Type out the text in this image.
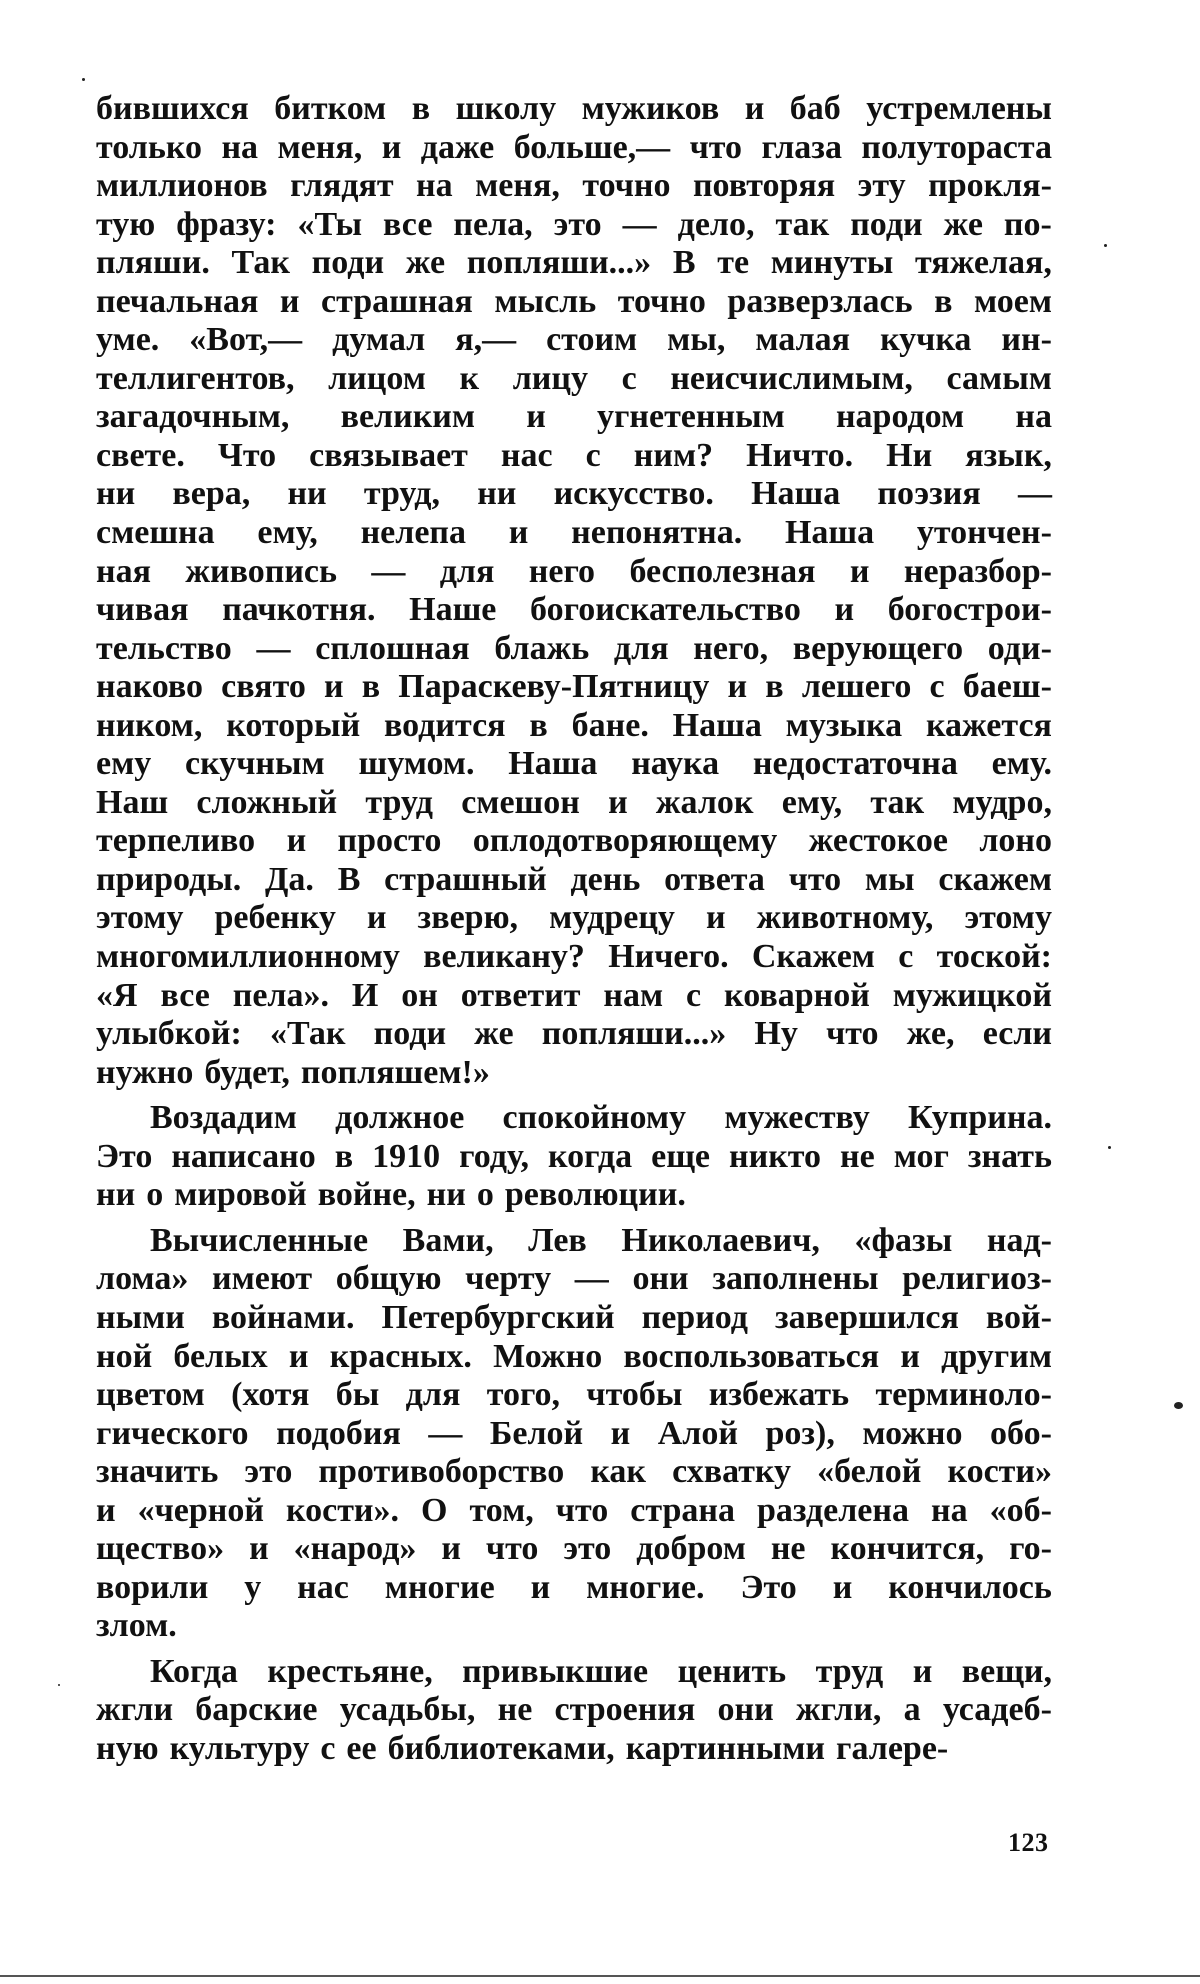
бившихся битком в школу мужиков и баб устремлены
только на меня, и даже больше,— что глаза полутораста
миллионов глядят на меня, точно повторяя эту прокля-
тую фразу: «Ты все пела, это — дело, так поди же по-
пляши. Так поди же попляши...» В те минуты тяжелая,
печальная и страшная мысль точно разверзлась в моем
уме. «Вот,— думал я,— стоим мы, малая кучка ин-
теллигентов, лицом к лицу с неисчислимым, самым
загадочным, великим и угнетенным народом на
свете. Что связывает нас с ним? Ничто. Ни язык,
ни вера, ни труд, ни искусство. Наша поэзия —
смешна ему, нелепа и непонятна. Наша утончен-
ная живопись — для него бесполезная и неразбор-
чивая пачкотня. Наше богоискательство и богострои-
тельство — сплошная блажь для него, верующего оди-
наково свято и в Параскеву-Пятницу и в лешего с баеш-
ником, который водится в бане. Наша музыка кажется
ему скучным шумом. Наша наука недостаточна ему.
Наш сложный труд смешон и жалок ему, так мудро,
терпеливо и просто оплодотворяющему жестокое лоно
природы. Да. В страшный день ответа что мы скажем
этому ребенку и зверю, мудрецу и животному, этому
многомиллионному великану? Ничего. Скажем с тоской:
«Я все пела». И он ответит нам с коварной мужицкой
улыбкой: «Так поди же попляши...» Ну что же, если
нужно будет, попляшем!»
Воздадим должное спокойному мужеству Куприна.
Это написано в 1910 году, когда еще никто не мог знать
ни о мировой войне, ни о революции.
Вычисленные Вами, Лев Николаевич, «фазы над-
лома» имеют общую черту — они заполнены религиоз-
ными войнами. Петербургский период завершился вой-
ной белых и красных. Можно воспользоваться и другим
цветом (хотя бы для того, чтобы избежать терминоло-
гического подобия — Белой и Алой роз), можно обо-
значить это противоборство как схватку «белой кости»
и «черной кости». О том, что страна разделена на «об-
щество» и «народ» и что это добром не кончится, го-
ворили у нас многие и многие. Это и кончилось
злом.
Когда крестьяне, привыкшие ценить труд и вещи,
жгли барские усадьбы, не строения они жгли, а усадеб-
ную культуру с ее библиотеками, картинными галере-
123
